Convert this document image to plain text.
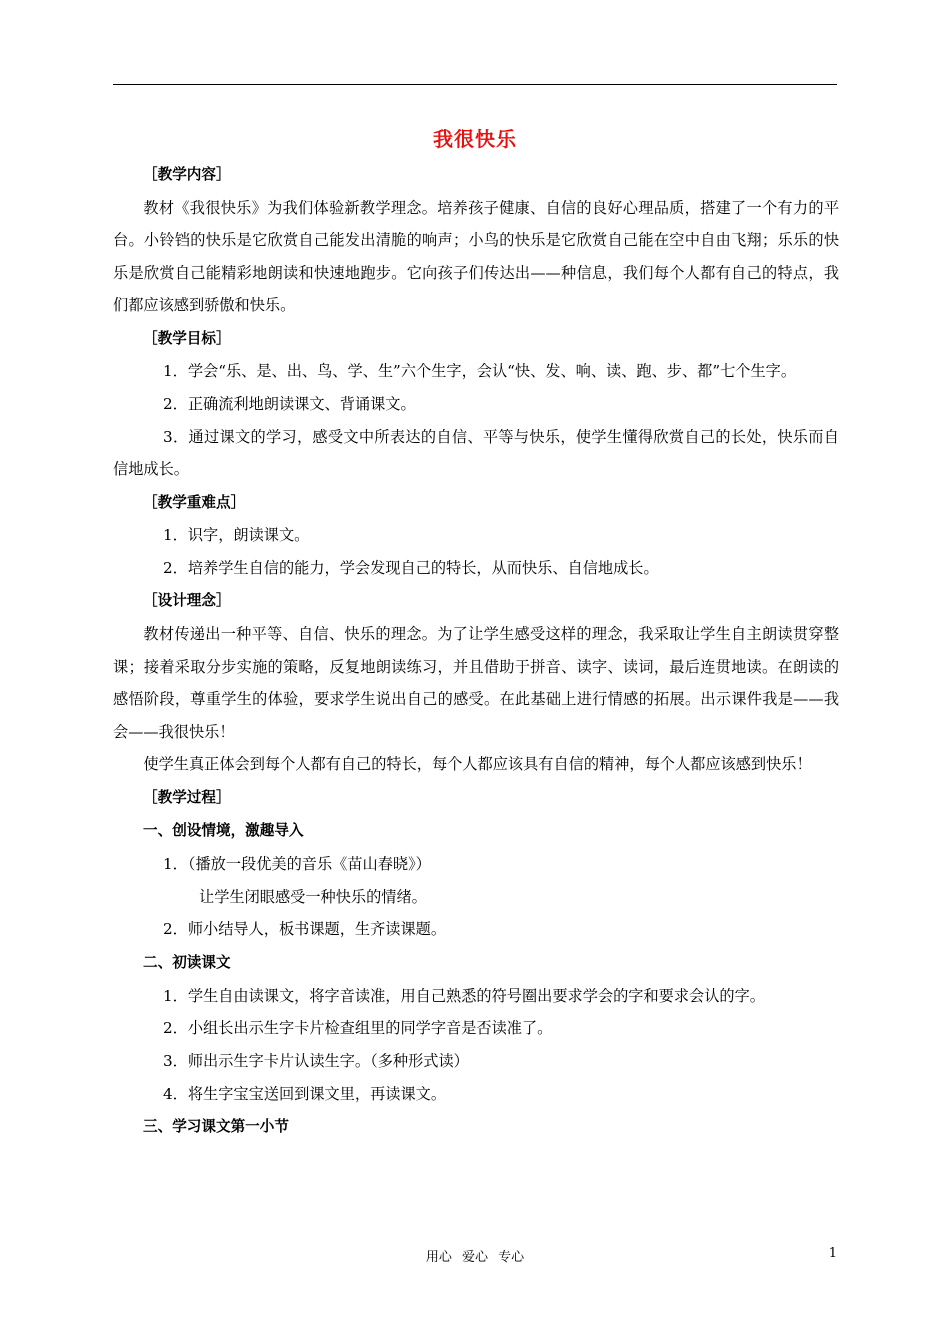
我很快乐

［教学内容］

教材《我很快乐》为我们体验新教学理念。培养孩子健康、自信的良好心理品质，搭建了一个有力的平台。小铃铛的快乐是它欣赏自己能发出清脆的响声；小鸟的快乐是它欣赏自己能在空中自由飞翔；乐乐的快乐是欣赏自己能精彩地朗读和快速地跑步。它向孩子们传达出——种信息，我们每个人都有自己的特点，我们都应该感到骄傲和快乐。

［教学目标］

1．学会“乐、是、出、鸟、学、生”六个生字，会认“快、发、响、读、跑、步、都”七个生字。

2．正确流利地朗读课文、背诵课文。

3．通过课文的学习，感受文中所表达的自信、平等与快乐，使学生懂得欣赏自己的长处，快乐而自信地成长。

［教学重难点］

1．识字，朗读课文。

2．培养学生自信的能力，学会发现自己的特长，从而快乐、自信地成长。

［设计理念］

教材传递出一种平等、自信、快乐的理念。为了让学生感受这样的理念，我采取让学生自主朗读贯穿整课；接着采取分步实施的策略，反复地朗读练习，并且借助于拼音、读字、读词，最后连贯地读。在朗读的感悟阶段，尊重学生的体验，要求学生说出自己的感受。在此基础上进行情感的拓展。出示课件我是——我会——我很快乐！

使学生真正体会到每个人都有自己的特长，每个人都应该具有自信的精神，每个人都应该感到快乐！

［教学过程］

一、创设情境，激趣导入

1．（播放一段优美的音乐《苗山春晓》）

让学生闭眼感受一种快乐的情绪。

2．师小结导人，板书课题，生齐读课题。

二、初读课文

1．学生自由读课文，将字音读准，用自己熟悉的符号圈出要求学会的字和要求会认的字。

2．小组长出示生字卡片检查组里的同学字音是否读准了。

3．师出示生字卡片认读生字。（多种形式读）

4．将生字宝宝送回到课文里，再读课文。

三、学习课文第一小节

用心 爱心 专心	1
